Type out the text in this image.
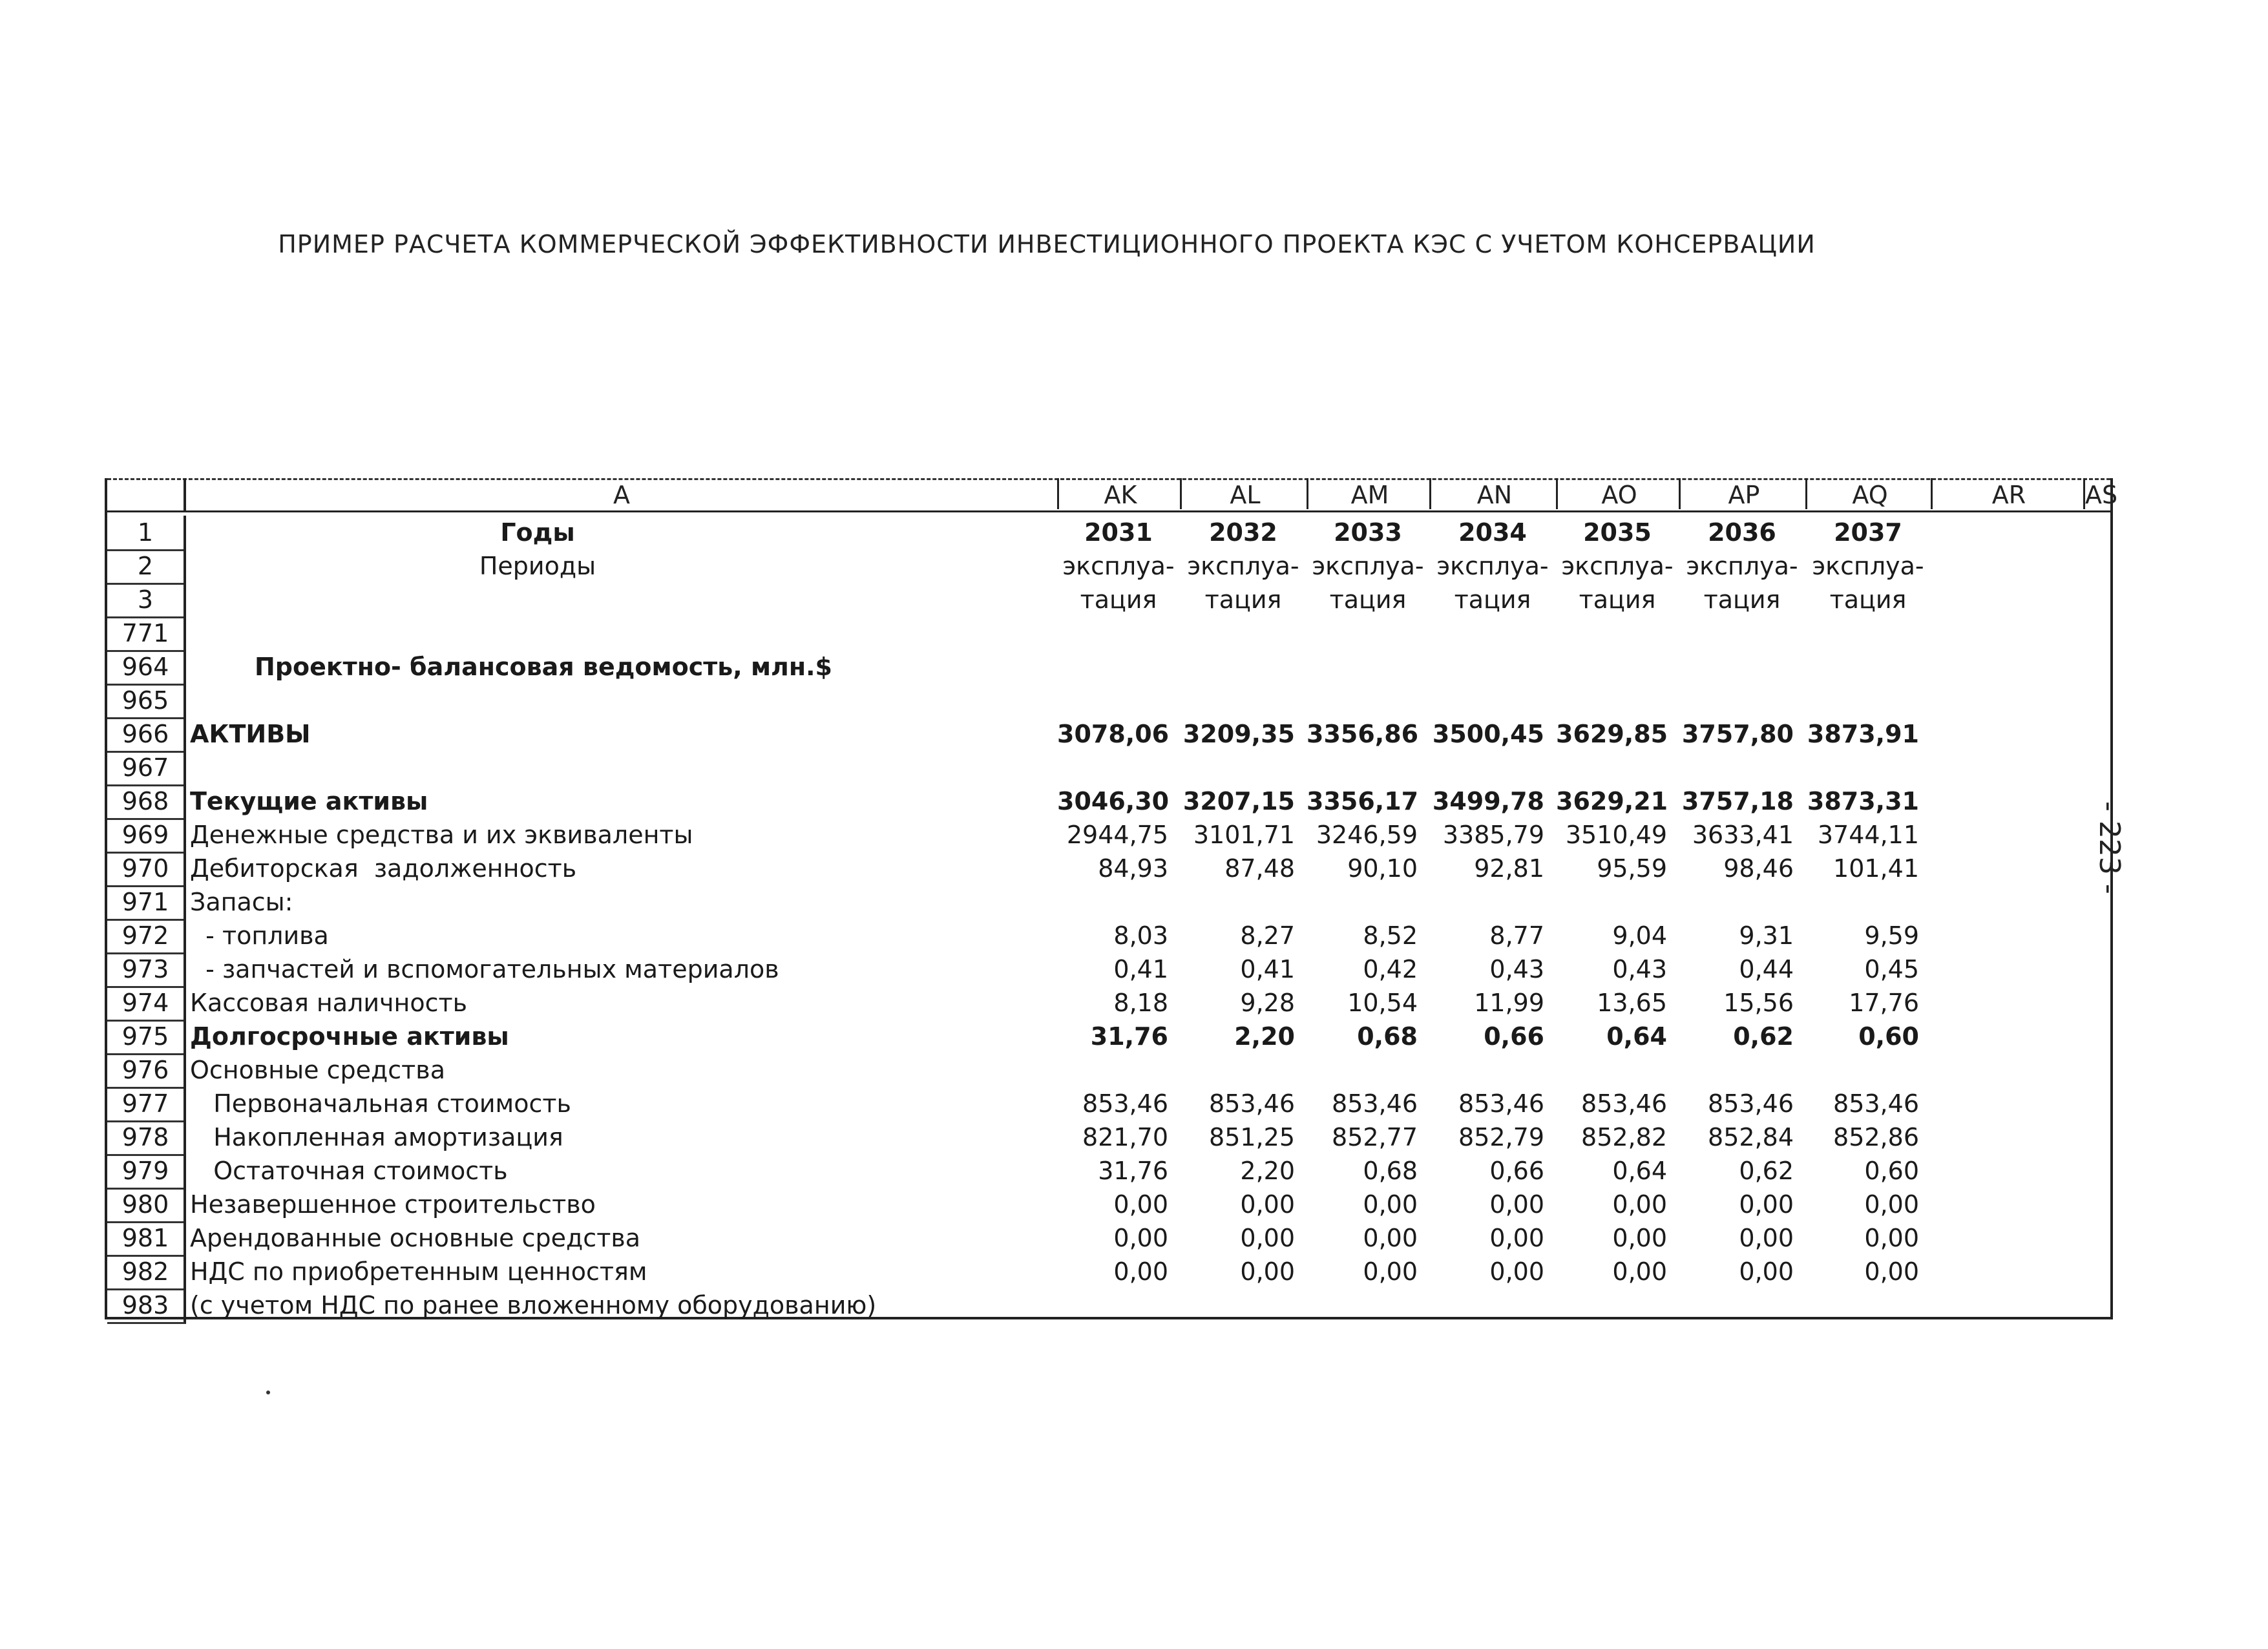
ПРИМЕР РАСЧЕТА КОММЕРЧЕСКОЙ ЭФФЕКТИВНОСТИ ИНВЕСТИЦИОННОГО ПРОЕКТА КЭС С УЧЕТОМ КОНСЕРВАЦИИ
- 223 -
A	AK	AL	AM	AN	AO	AP	AQ	AR	AS
1	Годы	2031	2032	2033	2034	2035	2036	2037
2	Периоды	эксплуа- эксплуа- эксплуа- эксплуа- эксплуа- эксплуа- эксплуа-
3	тация	тация	тация	тация	тация	тация	тация
771
964	Проектно- балансовая ведомость, млн.$
965
966 АКТИВЫ	3078,06 3209,35 3356,86 3500,45 3629,85 3757,80 3873,91
967
968 Текущие активы	3046,30 3207,15 3356,17 3499,78 3629,21 3757,18 3873,31
969 Денежные средства и их эквиваленты	2944,75	3101,71 3246,59	3385,79 3510,49	3633,41 3744,11
970 Дебиторская  задолженность	84,93	87,48	90,10	92,81	95,59	98,46	101,41
971 Запасы:
972 - топлива	8,03	8,27	8,52	8,77	9,04	9,31	9,59
973 - запчастей и вспомогательных материалов	0,41	0,41	0,42	0,43	0,43	0,44	0,45
974 Кассовая наличность	8,18	9,28	10,54	11,99	13,65	15,56	17,76
975 Долгосрочные активы	31,76	2,20	0,68	0,66	0,64	0,62	0,60
976 Основные средства
977 Первоначальная стоимость	853,46	853,46	853,46	853,46	853,46	853,46	853,46
978 Накопленная амортизация	821,70	851,25	852,77	852,79	852,82	852,84	852,86
979 Остаточная стоимость	31,76	2,20	0,68	0,66	0,64	0,62	0,60
980 Незавершенное строительство	0,00	0,00	0,00	0,00	0,00	0,00	0,00
981 Арендованные основные средства	0,00	0,00	0,00	0,00	0,00	0,00	0,00
982 НДС по приобретенным ценностям	0,00	0,00	0,00	0,00	0,00	0,00	0,00
983 (с учетом НДС по ранее вложенному оборудованию)
